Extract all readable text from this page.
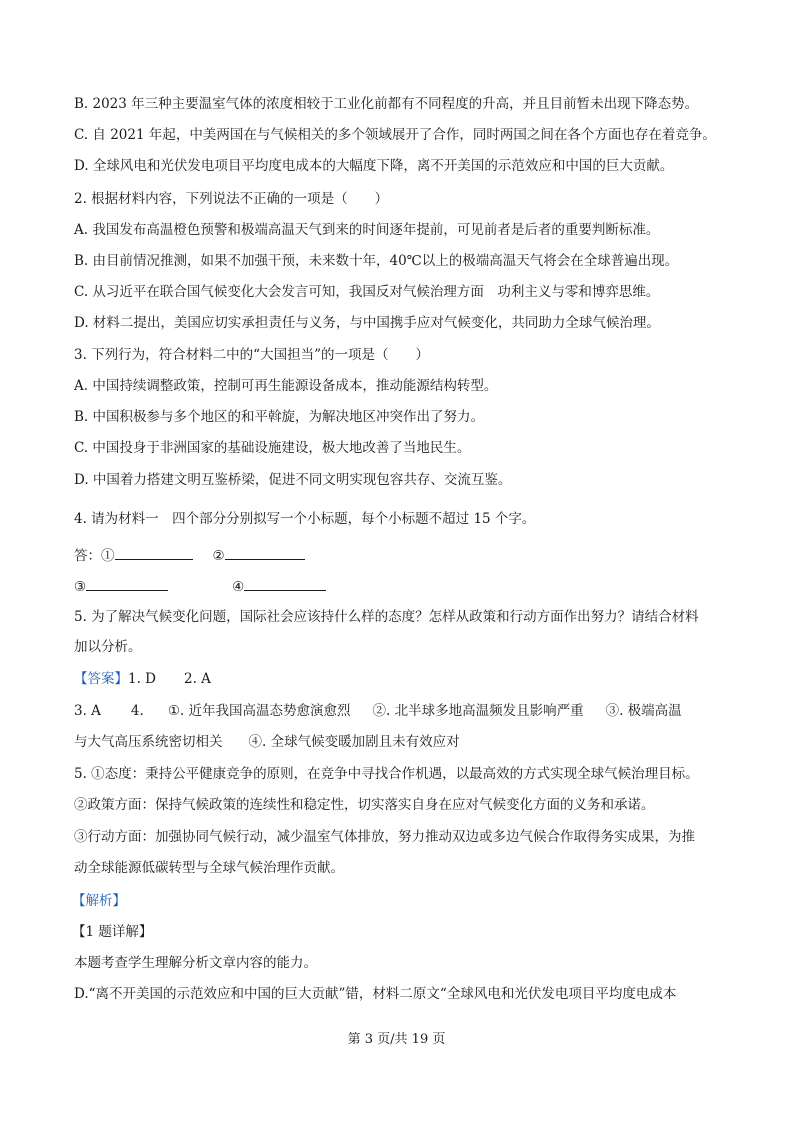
B. 2023 年三种主要温室气体的浓度相较于工业化前都有不同程度的升高，并且目前暂未出现下降态势。
C. 自 2021 年起，中美两国在与气候相关的多个领域展开了合作，同时两国之间在各个方面也存在着竞争。
D. 全球风电和光伏发电项目平均度电成本的大幅度下降，离不开美国的示范效应和中国的巨大贡献。
2. 根据材料内容，下列说法不正确的一项是（　　）
A. 我国发布高温橙色预警和极端高温天气到来的时间逐年提前，可见前者是后者的重要判断标准。
B. 由目前情况推测，如果不加强干预，未来数十年，40℃以上的极端高温天气将会在全球普遍出现。
C. 从习近平在联合国气候变化大会发言可知，我国反对气候治理方面　功利主义与零和博弈思维。
D. 材料二提出，美国应切实承担责任与义务，与中国携手应对气候变化，共同助力全球气候治理。
3. 下列行为，符合材料二中的“大国担当”的一项是（　　）
A. 中国持续调整政策，控制可再生能源设备成本，推动能源结构转型。
B. 中国积极参与多个地区的和平斡旋，为解决地区冲突作出了努力。
C. 中国投身于非洲国家的基础设施建设，极大地改善了当地民生。
D. 中国着力搭建文明互鉴桥梁，促进不同文明实现包容共存、交流互鉴。
4. 请为材料一　四个部分分别拟写一个小标题，每个小标题不超过 15 个字。
答：①	②
③	④
5. 为了解决气候变化问题，国际社会应该持什么样的态度？怎样从政策和行动方面作出努力？请结合材料
加以分析。
【答案】1. D 2. A
3. A 4. ①. 近年我国高温态势愈演愈烈 ②. 北半球多地高温频发且影响严重 ③. 极端高温
与大气高压系统密切相关 ④. 全球气候变暖加剧且未有效应对
5. ①态度：秉持公平健康竞争的原则，在竞争中寻找合作机遇，以最高效的方式实现全球气候治理目标。
②政策方面：保持气候政策的连续性和稳定性，切实落实自身在应对气候变化方面的义务和承诺。
③行动方面：加强协同气候行动，减少温室气体排放，努力推动双边或多边气候合作取得务实成果，为推
动全球能源低碳转型与全球气候治理作贡献。
【解析】
【1 题详解】
本题考查学生理解分析文章内容的能力。
D.“离不开美国的示范效应和中国的巨大贡献”错，材料二原文“全球风电和光伏发电项目平均度电成本
第 3 页/共 19 页
